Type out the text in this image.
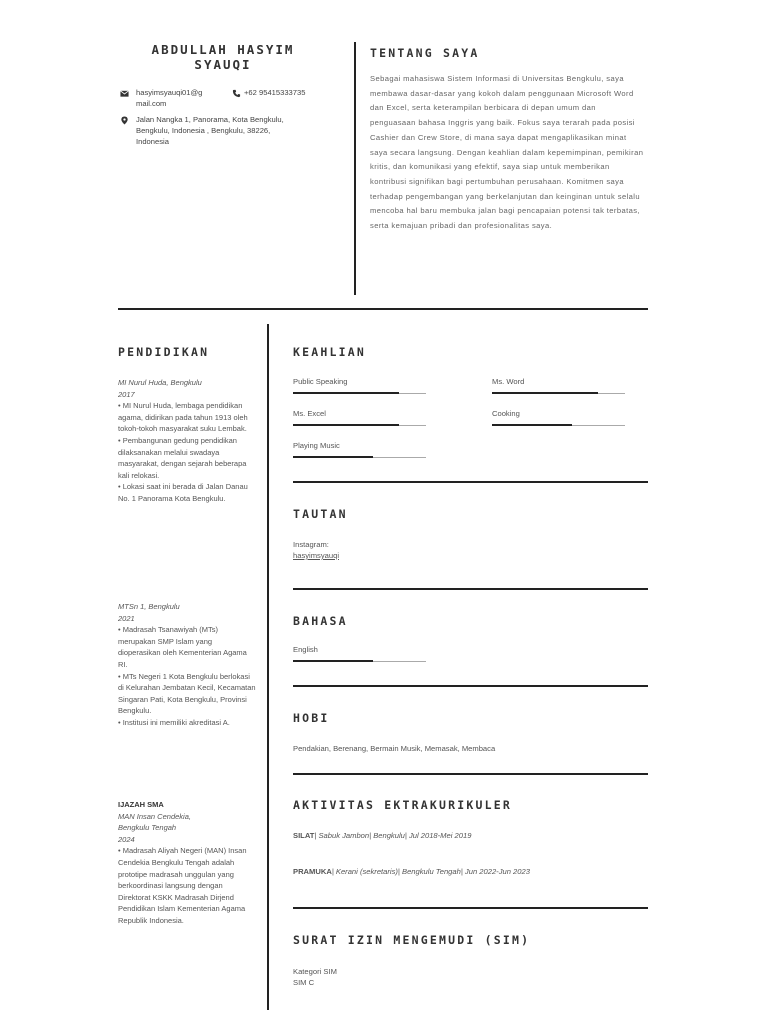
ABDULLAH HASYIM
SYAUQI
hasyimsyauqi01@g
mail.com
+62 95415333735
Jalan Nangka 1, Panorama, Kota Bengkulu,
Bengkulu, Indonesia , Bengkulu, 38226,
Indonesia
TENTANG SAYA
Sebagai mahasiswa Sistem Informasi di Universitas Bengkulu, saya membawa dasar-dasar yang kokoh dalam penggunaan Microsoft Word dan Excel, serta keterampilan berbicara di depan umum dan penguasaan bahasa Inggris yang baik. Fokus saya terarah pada posisi Cashier dan Crew Store, di mana saya dapat mengaplikasikan minat saya secara langsung. Dengan keahlian dalam kepemimpinan, pemikiran kritis, dan komunikasi yang efektif, saya siap untuk memberikan kontribusi signifikan bagi pertumbuhan perusahaan. Komitmen saya terhadap pengembangan yang berkelanjutan dan keinginan untuk selalu mencoba hal baru membuka jalan bagi pencapaian potensi tak terbatas, serta kemajuan pribadi dan profesionalitas saya.
PENDIDIKAN

MI Nurul Huda, Bengkulu

2017

• MI Nurul Huda, lembaga pendidikan agama, didirikan pada tahun 1913 oleh tokoh-tokoh masyarakat suku Lembak.

• Pembangunan gedung pendidikan dilaksanakan melalui swadaya masyarakat, dengan sejarah beberapa kali relokasi.

• Lokasi saat ini berada di Jalan Danau No. 1 Panorama Kota Bengkulu.

MTSn 1, Bengkulu

2021

• Madrasah Tsanawiyah (MTs) merupakan SMP Islam yang dioperasikan oleh Kementerian Agama RI.

• MTs Negeri 1 Kota Bengkulu berlokasi di Kelurahan Jembatan Kecil, Kecamatan Singaran Pati, Kota Bengkulu, Provinsi Bengkulu.

• Institusi ini memiliki akreditasi A.

IJAZAH SMA

MAN Insan Cendekia,

Bengkulu Tengah

2024

• Madrasah Aliyah Negeri (MAN) Insan Cendekia Bengkulu Tengah adalah prototipe madrasah unggulan yang berkoordinasi langsung dengan Direktorat KSKK Madrasah Dirjend Pendidikan Islam Kementerian Agama Republik Indonesia.

KEAHLIAN
Public Speaking	Ms. Word
Ms. Excel	Cooking
Playing Music
TAUTAN
Instagram:
hasyimsyauqi
BAHASA
English
HOBI
Pendakian, Berenang, Bermain Musik, Memasak, Membaca
AKTIVITAS EKTRAKURIKULER
SILAT| Sabuk Jambon| Bengkulu| Jul 2018-Mei 2019
PRAMUKA| Kerani (sekretaris)| Bengkulu Tengah| Jun 2022-Jun 2023
SURAT IZIN MENGEMUDI (SIM)
Kategori SIM
SIM C
